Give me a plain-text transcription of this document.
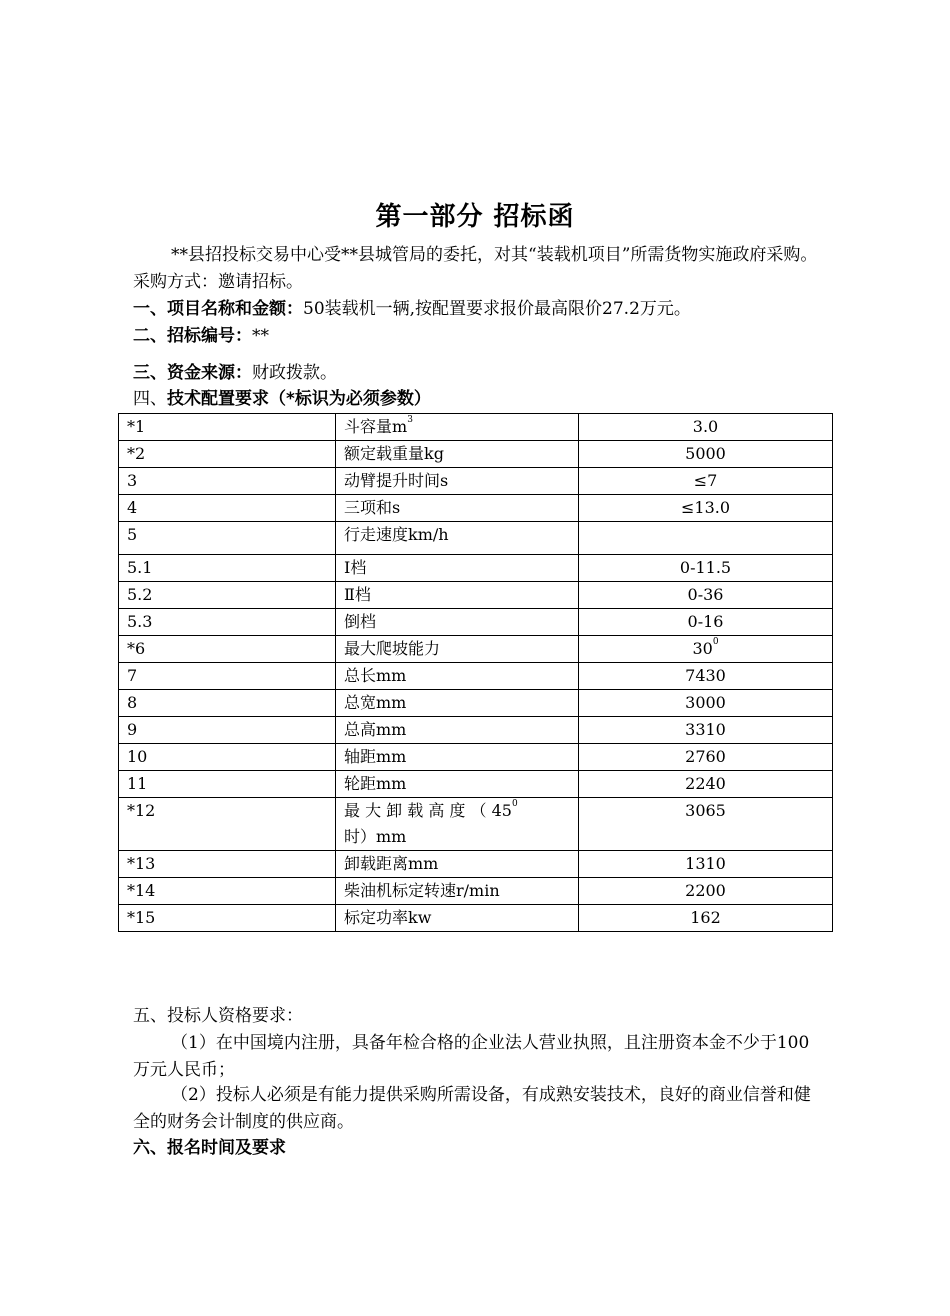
第一部分 招标函
**县招投标交易中心受**县城管局的委托，对其“装载机项目”所需货物实施政府采购。采购方式：邀请招标。
一、项目名称和金额：50装载机一辆,按配置要求报价最高限价27.2万元。
二、招标编号：**
三、资金来源：财政拨款。
四、技术配置要求（*标识为必须参数）
*1	斗容量$m^3$	3.0
*2	额定载重量kg	5000
3	动臂提升时间s	≤7
4	三项和s	≤13.0
5	行走速度km/h	
5.1	Ⅰ档	0-11.5
5.2	Ⅱ档	0-36
5.3	倒档	0-16
*6	最大爬坡能力	$30^0$
7	总长mm	7430
8	总宽mm	3000
9	总高mm	3310
10	轴距mm	2760
11	轮距mm	2240
*12	最 大 卸 载 高 度 （ $45^0$
时）mm	3065
*13	卸载距离mm	1310
*14	柴油机标定转速r/min	2200
*15	标定功率kw	162
五、投标人资格要求：
（1）在中国境内注册，具备年检合格的企业法人营业执照，且注册资本金不少于100万元人民币；
（2）投标人必须是有能力提供采购所需设备，有成熟安装技术，良好的商业信誉和健全的财务会计制度的供应商。
六、报名时间及要求
